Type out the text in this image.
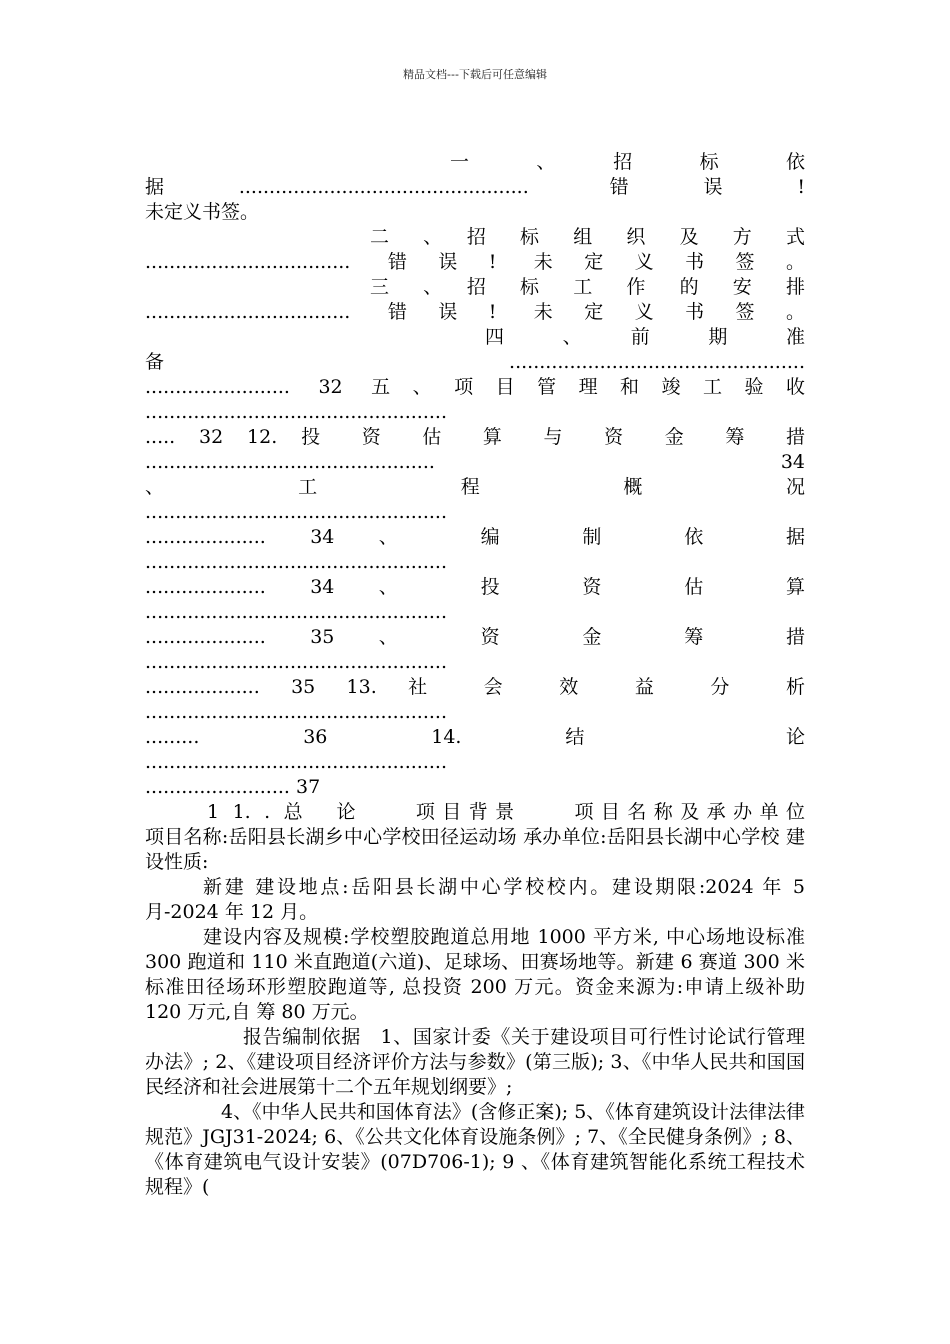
精品文档---下载后可任意编辑
一　　、　　招　　标　　依
据................................................ 错误!
未定义书签。
二　、　招　标　组　织　及　方　式
.................................. 错误! 未定义书签。
三　、　招　标　工　作　的　安　排
.................................. 错误! 未定义书签。
四　　、　　前　　期　　准
备.................................................
........................ 32 五、项目管理和竣工验收
..................................................
..... 32 12. 投 资 估 算 与 资 金 筹 措
................................................ 34
、　　工　　程　　概　　况
..................................................
.................... 34 、 编 制 依 据
..................................................
.................... 34 、 投 资 估 算
..................................................
.................... 35 、 资 金 筹 措
..................................................
................... 35 13. 社 会 效 益 分 析
..................................................
......... 36 14. 结 论
..................................................
........................ 37
1 1. . 总　论　　项目背景　　项目名称及承办单位

项目名称:岳阳县长湖乡中心学校田径运动场 承办单位:岳阳县长湖中心学校 建设性质:

新建 建设地点:岳阳县长湖中心学校校内。建设期限:2024 年 5 月-2024 年 12 月。

建设内容及规模:学校塑胶跑道总用地 1000 平方米, 中心场地设标准 300 跑道和 110 米直跑道(六道)、足球场、田赛场地等。新建 6 赛道 300 米标准田径场环形塑胶跑道等, 总投资 200 万元。资金来源为:申请上级补助 120 万元,自 筹 80 万元。

报告编制依据　1、国家计委《关于建设项目可行性讨论试行管理办法》; 2、《建设项目经济评价方法与参数》(第三版); 3、《中华人民共和国国民经济和社会进展第十二个五年规划纲要》;

4、《中华人民共和国体育法》(含修正案); 5、《体育建筑设计法律法律规范》JGJ31-2024; 6、《公共文化体育设施条例》; 7、《全民健身条例》; 8、《体育建筑电气设计安装》(07D706-1); 9 、《体育建筑智能化系统工程技术规程》(
